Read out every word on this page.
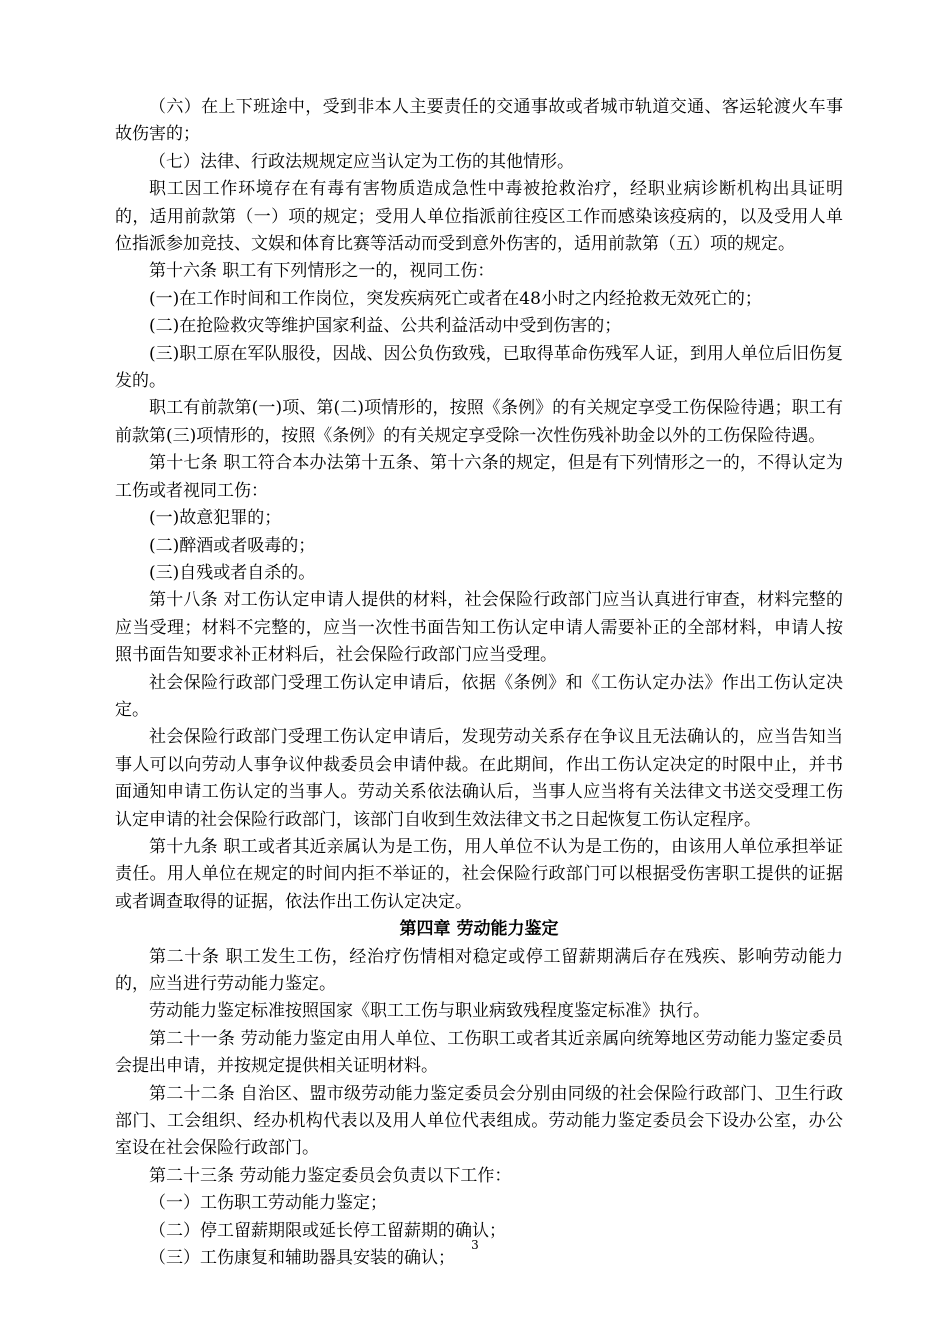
（六）在上下班途中，受到非本人主要责任的交通事故或者城市轨道交通、客运轮渡火车事故伤害的；

（七）法律、行政法规规定应当认定为工伤的其他情形。

职工因工作环境存在有毒有害物质造成急性中毒被抢救治疗，经职业病诊断机构出具证明的，适用前款第（一）项的规定；受用人单位指派前往疫区工作而感染该疫病的，以及受用人单位指派参加竞技、文娱和体育比赛等活动而受到意外伤害的，适用前款第（五）项的规定。

第十六条 职工有下列情形之一的，视同工伤：

(一)在工作时间和工作岗位，突发疾病死亡或者在48小时之内经抢救无效死亡的；

(二)在抢险救灾等维护国家利益、公共利益活动中受到伤害的；

(三)职工原在军队服役，因战、因公负伤致残，已取得革命伤残军人证，到用人单位后旧伤复发的。

职工有前款第(一)项、第(二)项情形的，按照《条例》的有关规定享受工伤保险待遇；职工有前款第(三)项情形的，按照《条例》的有关规定享受除一次性伤残补助金以外的工伤保险待遇。

第十七条 职工符合本办法第十五条、第十六条的规定，但是有下列情形之一的，不得认定为工伤或者视同工伤：

(一)故意犯罪的；

(二)醉酒或者吸毒的；

(三)自残或者自杀的。

第十八条 对工伤认定申请人提供的材料，社会保险行政部门应当认真进行审查，材料完整的应当受理；材料不完整的，应当一次性书面告知工伤认定申请人需要补正的全部材料，申请人按照书面告知要求补正材料后，社会保险行政部门应当受理。

社会保险行政部门受理工伤认定申请后，依据《条例》和《工伤认定办法》作出工伤认定决定。

社会保险行政部门受理工伤认定申请后，发现劳动关系存在争议且无法确认的，应当告知当事人可以向劳动人事争议仲裁委员会申请仲裁。在此期间，作出工伤认定决定的时限中止，并书面通知申请工伤认定的当事人。劳动关系依法确认后，当事人应当将有关法律文书送交受理工伤认定申请的社会保险行政部门，该部门自收到生效法律文书之日起恢复工伤认定程序。

第十九条 职工或者其近亲属认为是工伤，用人单位不认为是工伤的，由该用人单位承担举证责任。用人单位在规定的时间内拒不举证的，社会保险行政部门可以根据受伤害职工提供的证据或者调查取得的证据，依法作出工伤认定决定。

第四章 劳动能力鉴定

第二十条 职工发生工伤，经治疗伤情相对稳定或停工留薪期满后存在残疾、影响劳动能力的，应当进行劳动能力鉴定。

劳动能力鉴定标准按照国家《职工工伤与职业病致残程度鉴定标准》执行。

第二十一条 劳动能力鉴定由用人单位、工伤职工或者其近亲属向统筹地区劳动能力鉴定委员会提出申请，并按规定提供相关证明材料。

第二十二条 自治区、盟市级劳动能力鉴定委员会分别由同级的社会保险行政部门、卫生行政部门、工会组织、经办机构代表以及用人单位代表组成。劳动能力鉴定委员会下设办公室，办公室设在社会保险行政部门。

第二十三条 劳动能力鉴定委员会负责以下工作：

（一）工伤职工劳动能力鉴定；

（二）停工留薪期限或延长停工留薪期的确认；

（三）工伤康复和辅助器具安装的确认；

3
